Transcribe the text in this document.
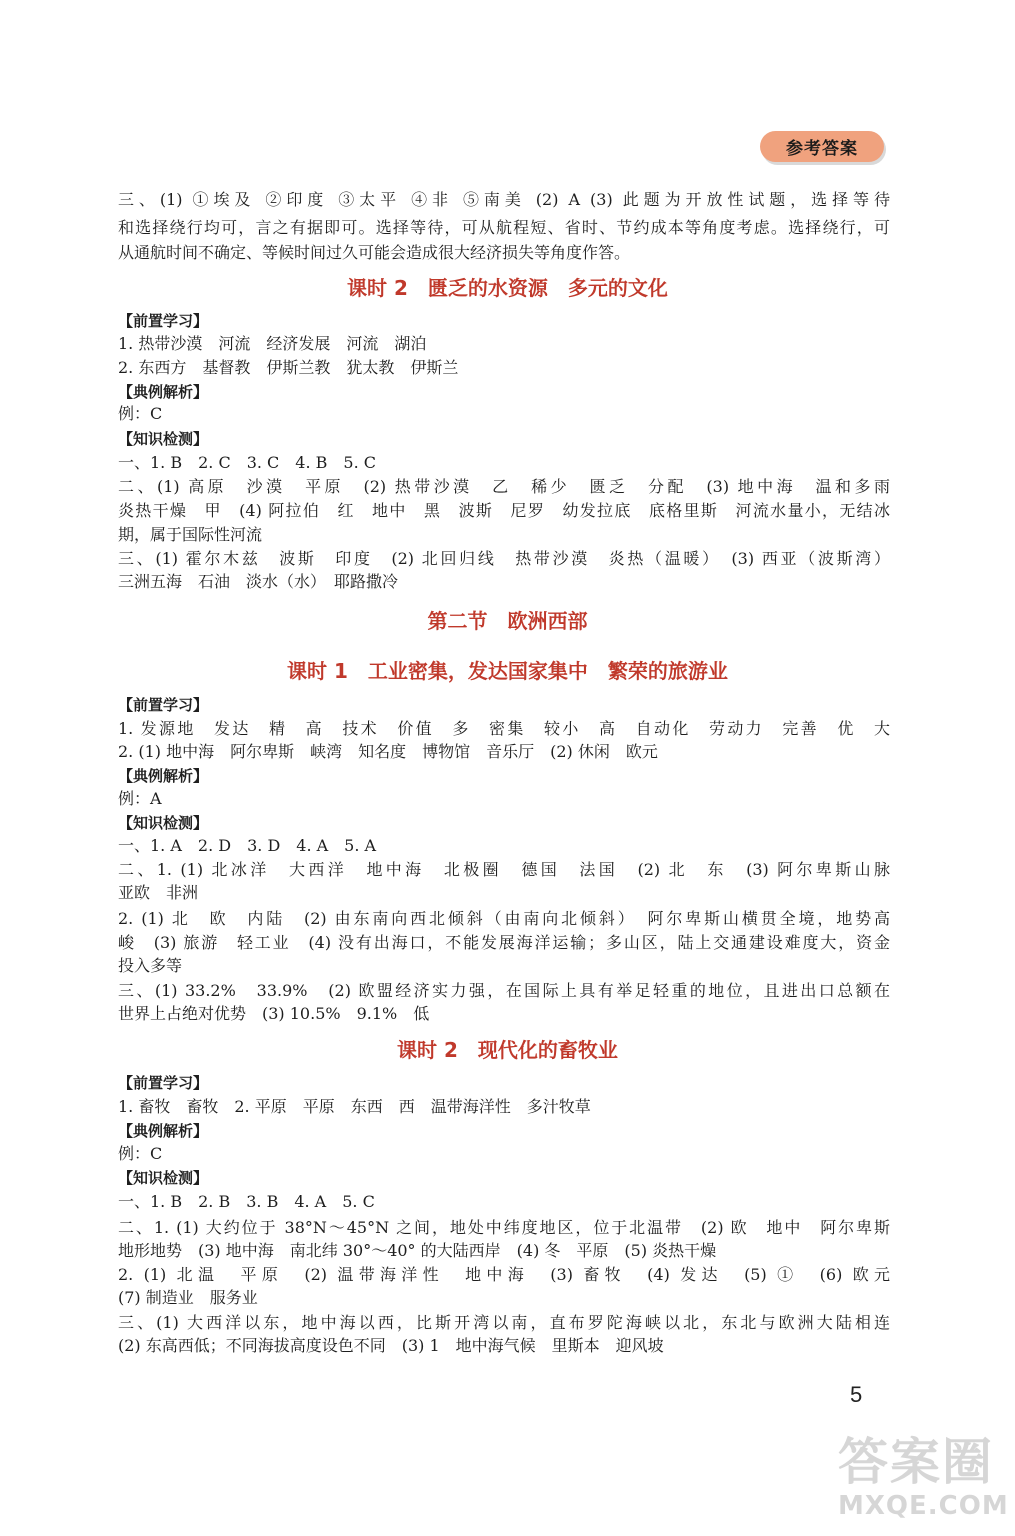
参考答案
三、(1) ①埃及 ②印度 ③太平 ④非 ⑤南美 (2) A (3) 此题为开放性试题，选择等待
和选择绕行均可，言之有据即可。选择等待，可从航程短、省时、节约成本等角度考虑。选择绕行，可
从通航时间不确定、等候时间过久可能会造成很大经济损失等角度作答。
课时 2　匮乏的水资源　多元的文化
【前置学习】
1. 热带沙漠　河流　经济发展　河流　湖泊
2. 东西方　基督教　伊斯兰教　犹太教　伊斯兰
【典例解析】
例：C
【知识检测】
一、1. B　2. C　3. C　4. B　5. C
二、(1) 高原　沙漠　平原　(2) 热带沙漠　乙　稀少　匮乏　分配　(3) 地中海　温和多雨
炎热干燥　甲　(4) 阿拉伯　红　地中　黑　波斯　尼罗　幼发拉底　底格里斯　河流水量小，无结冰
期，属于国际性河流
三、(1) 霍尔木兹　波斯　印度　(2) 北回归线　热带沙漠　炎热（温暖）　(3) 西亚（波斯湾）
三洲五海　石油　淡水（水）　耶路撒冷
第二节　欧洲西部
课时 1　工业密集，发达国家集中　繁荣的旅游业
【前置学习】
1. 发源地　发达　精　高　技术　价值　多　密集　较小　高　自动化　劳动力　完善　优　大
2. (1) 地中海　阿尔卑斯　峡湾　知名度　博物馆　音乐厅　(2) 休闲　欧元
【典例解析】
例：A
【知识检测】
一、1. A　2. D　3. D　4. A　5. A
二、1. (1) 北冰洋　大西洋　地中海　北极圈　德国　法国　(2) 北　东　(3) 阿尔卑斯山脉
亚欧　非洲
2. (1) 北　欧　内陆　(2) 由东南向西北倾斜（由南向北倾斜）　阿尔卑斯山横贯全境，地势高
峻　(3) 旅游　轻工业　(4) 没有出海口，不能发展海洋运输；多山区，陆上交通建设难度大，资金
投入多等
三、(1) 33.2%　33.9%　(2) 欧盟经济实力强，在国际上具有举足轻重的地位，且进出口总额在
世界上占绝对优势　(3) 10.5%　9.1%　低
课时 2　现代化的畜牧业
【前置学习】
1. 畜牧　畜牧　2. 平原　平原　东西　西　温带海洋性　多汁牧草
【典例解析】
例：C
【知识检测】
一、1. B　2. B　3. B　4. A　5. C
二、1. (1) 大约位于 38°N～45°N 之间，地处中纬度地区，位于北温带　(2) 欧　地中　阿尔卑斯
地形地势　(3) 地中海　南北纬 30°～40° 的大陆西岸　(4) 冬　平原　(5) 炎热干燥
2. (1) 北温　平原　(2) 温带海洋性　地中海　(3) 畜牧　(4) 发达　(5) ①　(6) 欧元
(7) 制造业　服务业
三、(1) 大西洋以东，地中海以西，比斯开湾以南，直布罗陀海峡以北，东北与欧洲大陆相连
(2) 东高西低；不同海拔高度设色不同　(3) 1　地中海气候　里斯本　迎风坡
5
答案圈
MXQE.COM
